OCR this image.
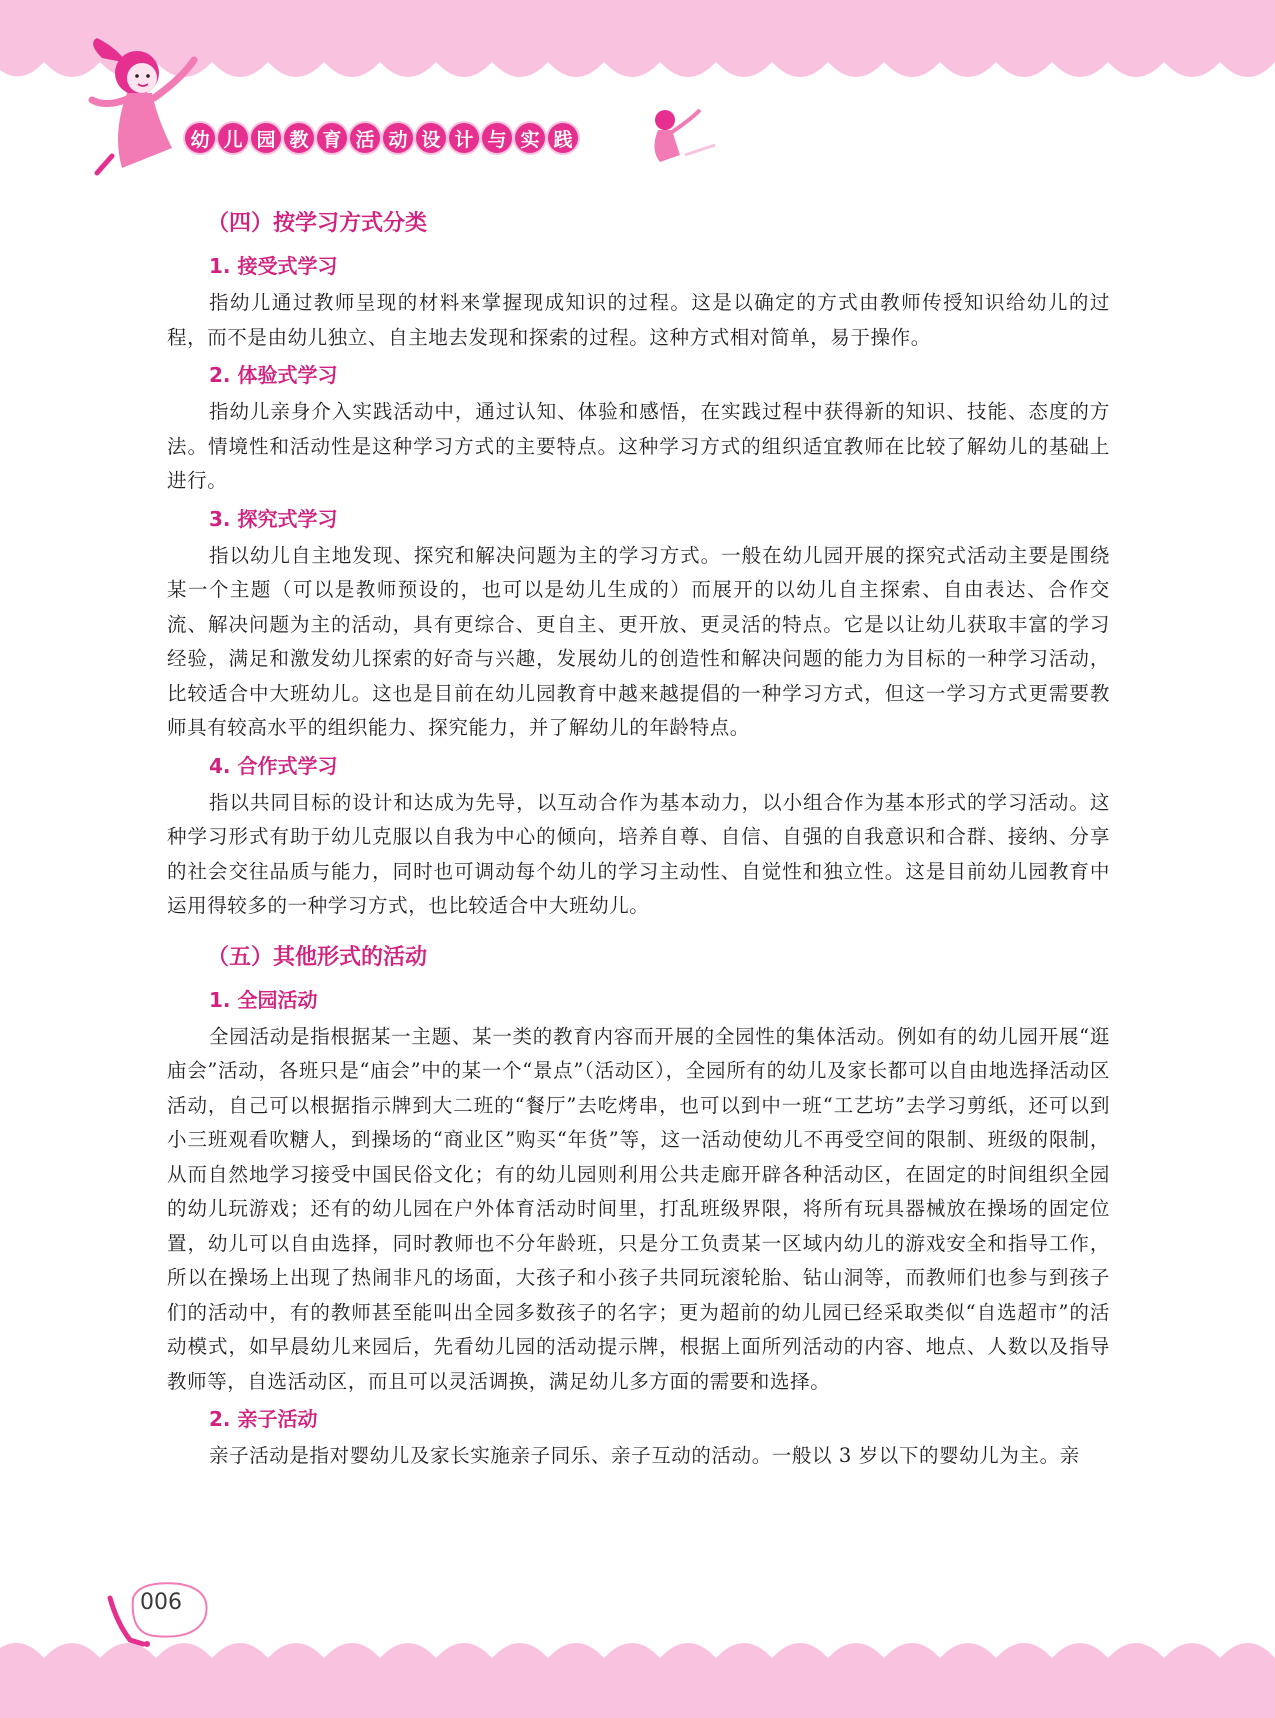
幼 儿 园 教 育 活 动 设 计 与 实 践
（四）按学习方式分类
1. 接受式学习

指幼儿通过教师呈现的材料来掌握现成知识的过程。这是以确定的方式由教师传授知识给幼儿的过程，而不是由幼儿独立、自主地去发现和探索的过程。这种方式相对简单，易于操作。

2. 体验式学习

指幼儿亲身介入实践活动中，通过认知、体验和感悟，在实践过程中获得新的知识、技能、态度的方法。情境性和活动性是这种学习方式的主要特点。这种学习方式的组织适宜教师在比较了解幼儿的基础上进行。

3. 探究式学习

指以幼儿自主地发现、探究和解决问题为主的学习方式。一般在幼儿园开展的探究式活动主要是围绕某一个主题（可以是教师预设的，也可以是幼儿生成的）而展开的以幼儿自主探索、自由表达、合作交流、解决问题为主的活动，具有更综合、更自主、更开放、更灵活的特点。它是以让幼儿获取丰富的学习经验，满足和激发幼儿探索的好奇与兴趣，发展幼儿的创造性和解决问题的能力为目标的一种学习活动，比较适合中大班幼儿。这也是目前在幼儿园教育中越来越提倡的一种学习方式，但这一学习方式更需要教师具有较高水平的组织能力、探究能力，并了解幼儿的年龄特点。

4. 合作式学习

指以共同目标的设计和达成为先导，以互动合作为基本动力，以小组合作为基本形式的学习活动。这种学习形式有助于幼儿克服以自我为中心的倾向，培养自尊、自信、自强的自我意识和合群、接纳、分享的社会交往品质与能力，同时也可调动每个幼儿的学习主动性、自觉性和独立性。这是目前幼儿园教育中运用得较多的一种学习方式，也比较适合中大班幼儿。

（五）其他形式的活动
1. 全园活动

全园活动是指根据某一主题、某一类的教育内容而开展的全园性的集体活动。例如有的幼儿园开展“逛庙会”活动，各班只是“庙会”中的某一个“景点”（活动区），全园所有的幼儿及家长都可以自由地选择活动区活动，自己可以根据指示牌到大二班的“餐厅”去吃烤串，也可以到中一班“工艺坊”去学习剪纸，还可以到小三班观看吹糖人，到操场的“商业区”购买“年货”等，这一活动使幼儿不再受空间的限制、班级的限制，从而自然地学习接受中国民俗文化；有的幼儿园则利用公共走廊开辟各种活动区，在固定的时间组织全园的幼儿玩游戏；还有的幼儿园在户外体育活动时间里，打乱班级界限，将所有玩具器械放在操场的固定位置，幼儿可以自由选择，同时教师也不分年龄班，只是分工负责某一区域内幼儿的游戏安全和指导工作，所以在操场上出现了热闹非凡的场面，大孩子和小孩子共同玩滚轮胎、钻山洞等，而教师们也参与到孩子们的活动中，有的教师甚至能叫出全园多数孩子的名字；更为超前的幼儿园已经采取类似“自选超市”的活动模式，如早晨幼儿来园后，先看幼儿园的活动提示牌，根据上面所列活动的内容、地点、人数以及指导教师等，自选活动区，而且可以灵活调换，满足幼儿多方面的需要和选择。

2. 亲子活动

亲子活动是指对婴幼儿及家长实施亲子同乐、亲子互动的活动。一般以 3 岁以下的婴幼儿为主。亲

006
